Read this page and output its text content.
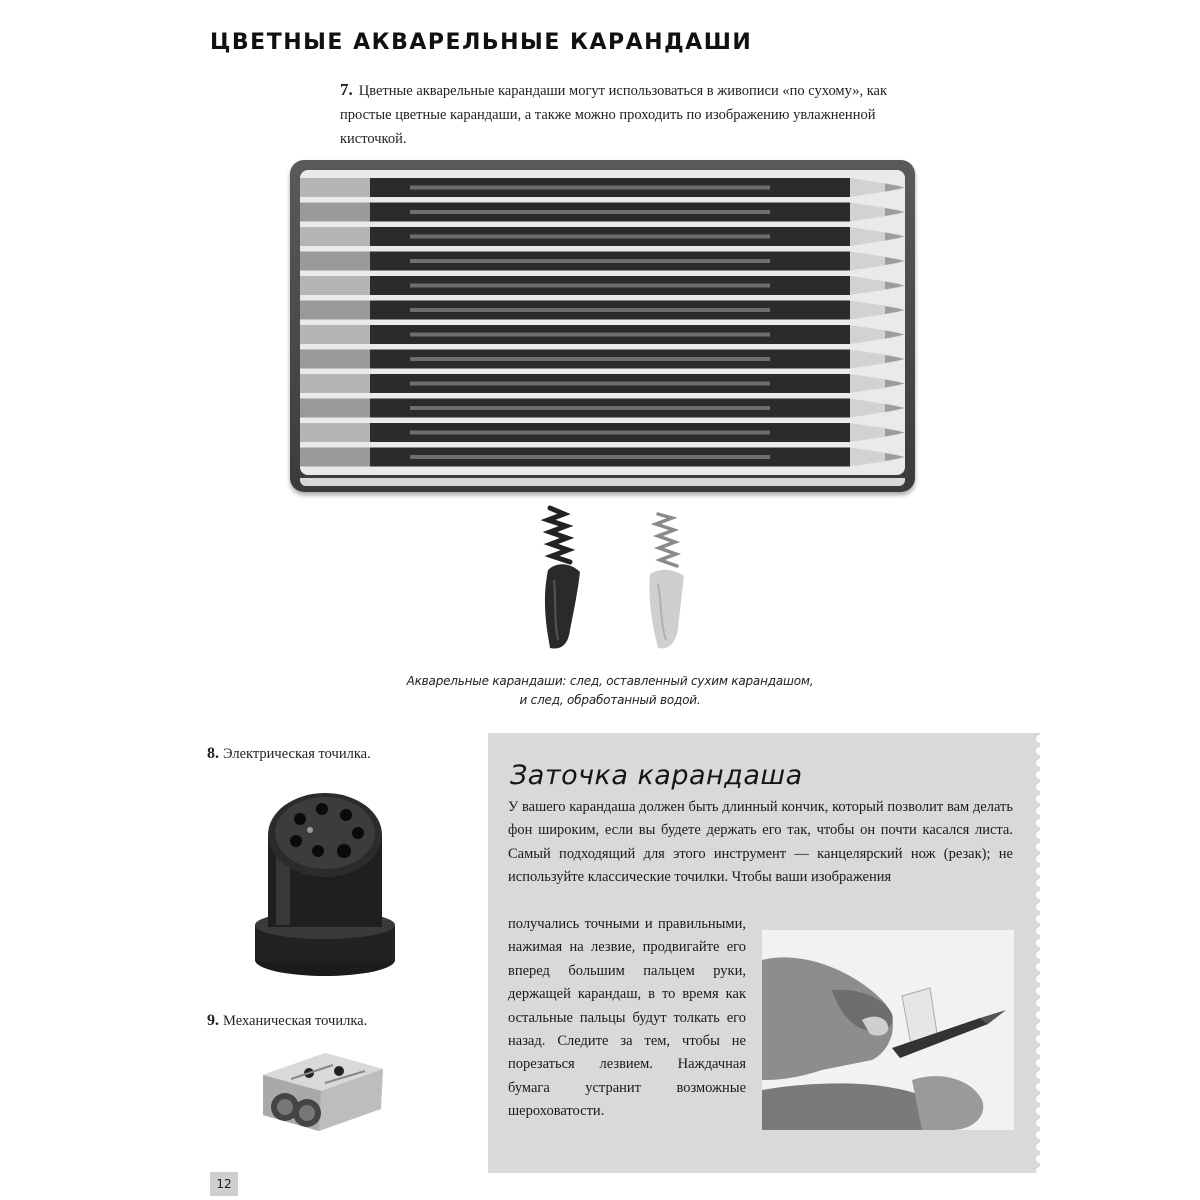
ЦВЕТНЫЕ АКВАРЕЛЬНЫЕ КАРАНДАШИ
7. Цветные акварельные карандаши могут использоваться в живописи «по сухому», как простые цветные карандаши, а также можно проходить по изображению увлажненной кисточкой.
Акварельные карандаши: след, оставленный сухим карандашом,
и след, обработанный водой.
8. Электрическая точилка.
9. Механическая точилка.
Заточка карандаша
У вашего карандаша должен быть длинный кончик, который позволит вам делать фон широким, если вы будете держать его так, чтобы он почти касался листа. Самый подходящий для этого инструмент — канцелярский нож (резак); не используйте классические точилки. Чтобы ваши изображения
получались точными и правильными, нажимая на лезвие, продвигайте его вперед большим пальцем руки, держащей карандаш, в то время как остальные пальцы будут толкать его назад. Следите за тем, чтобы не порезаться лезвием. Наждачная бумага устранит возможные шероховатости.
12
